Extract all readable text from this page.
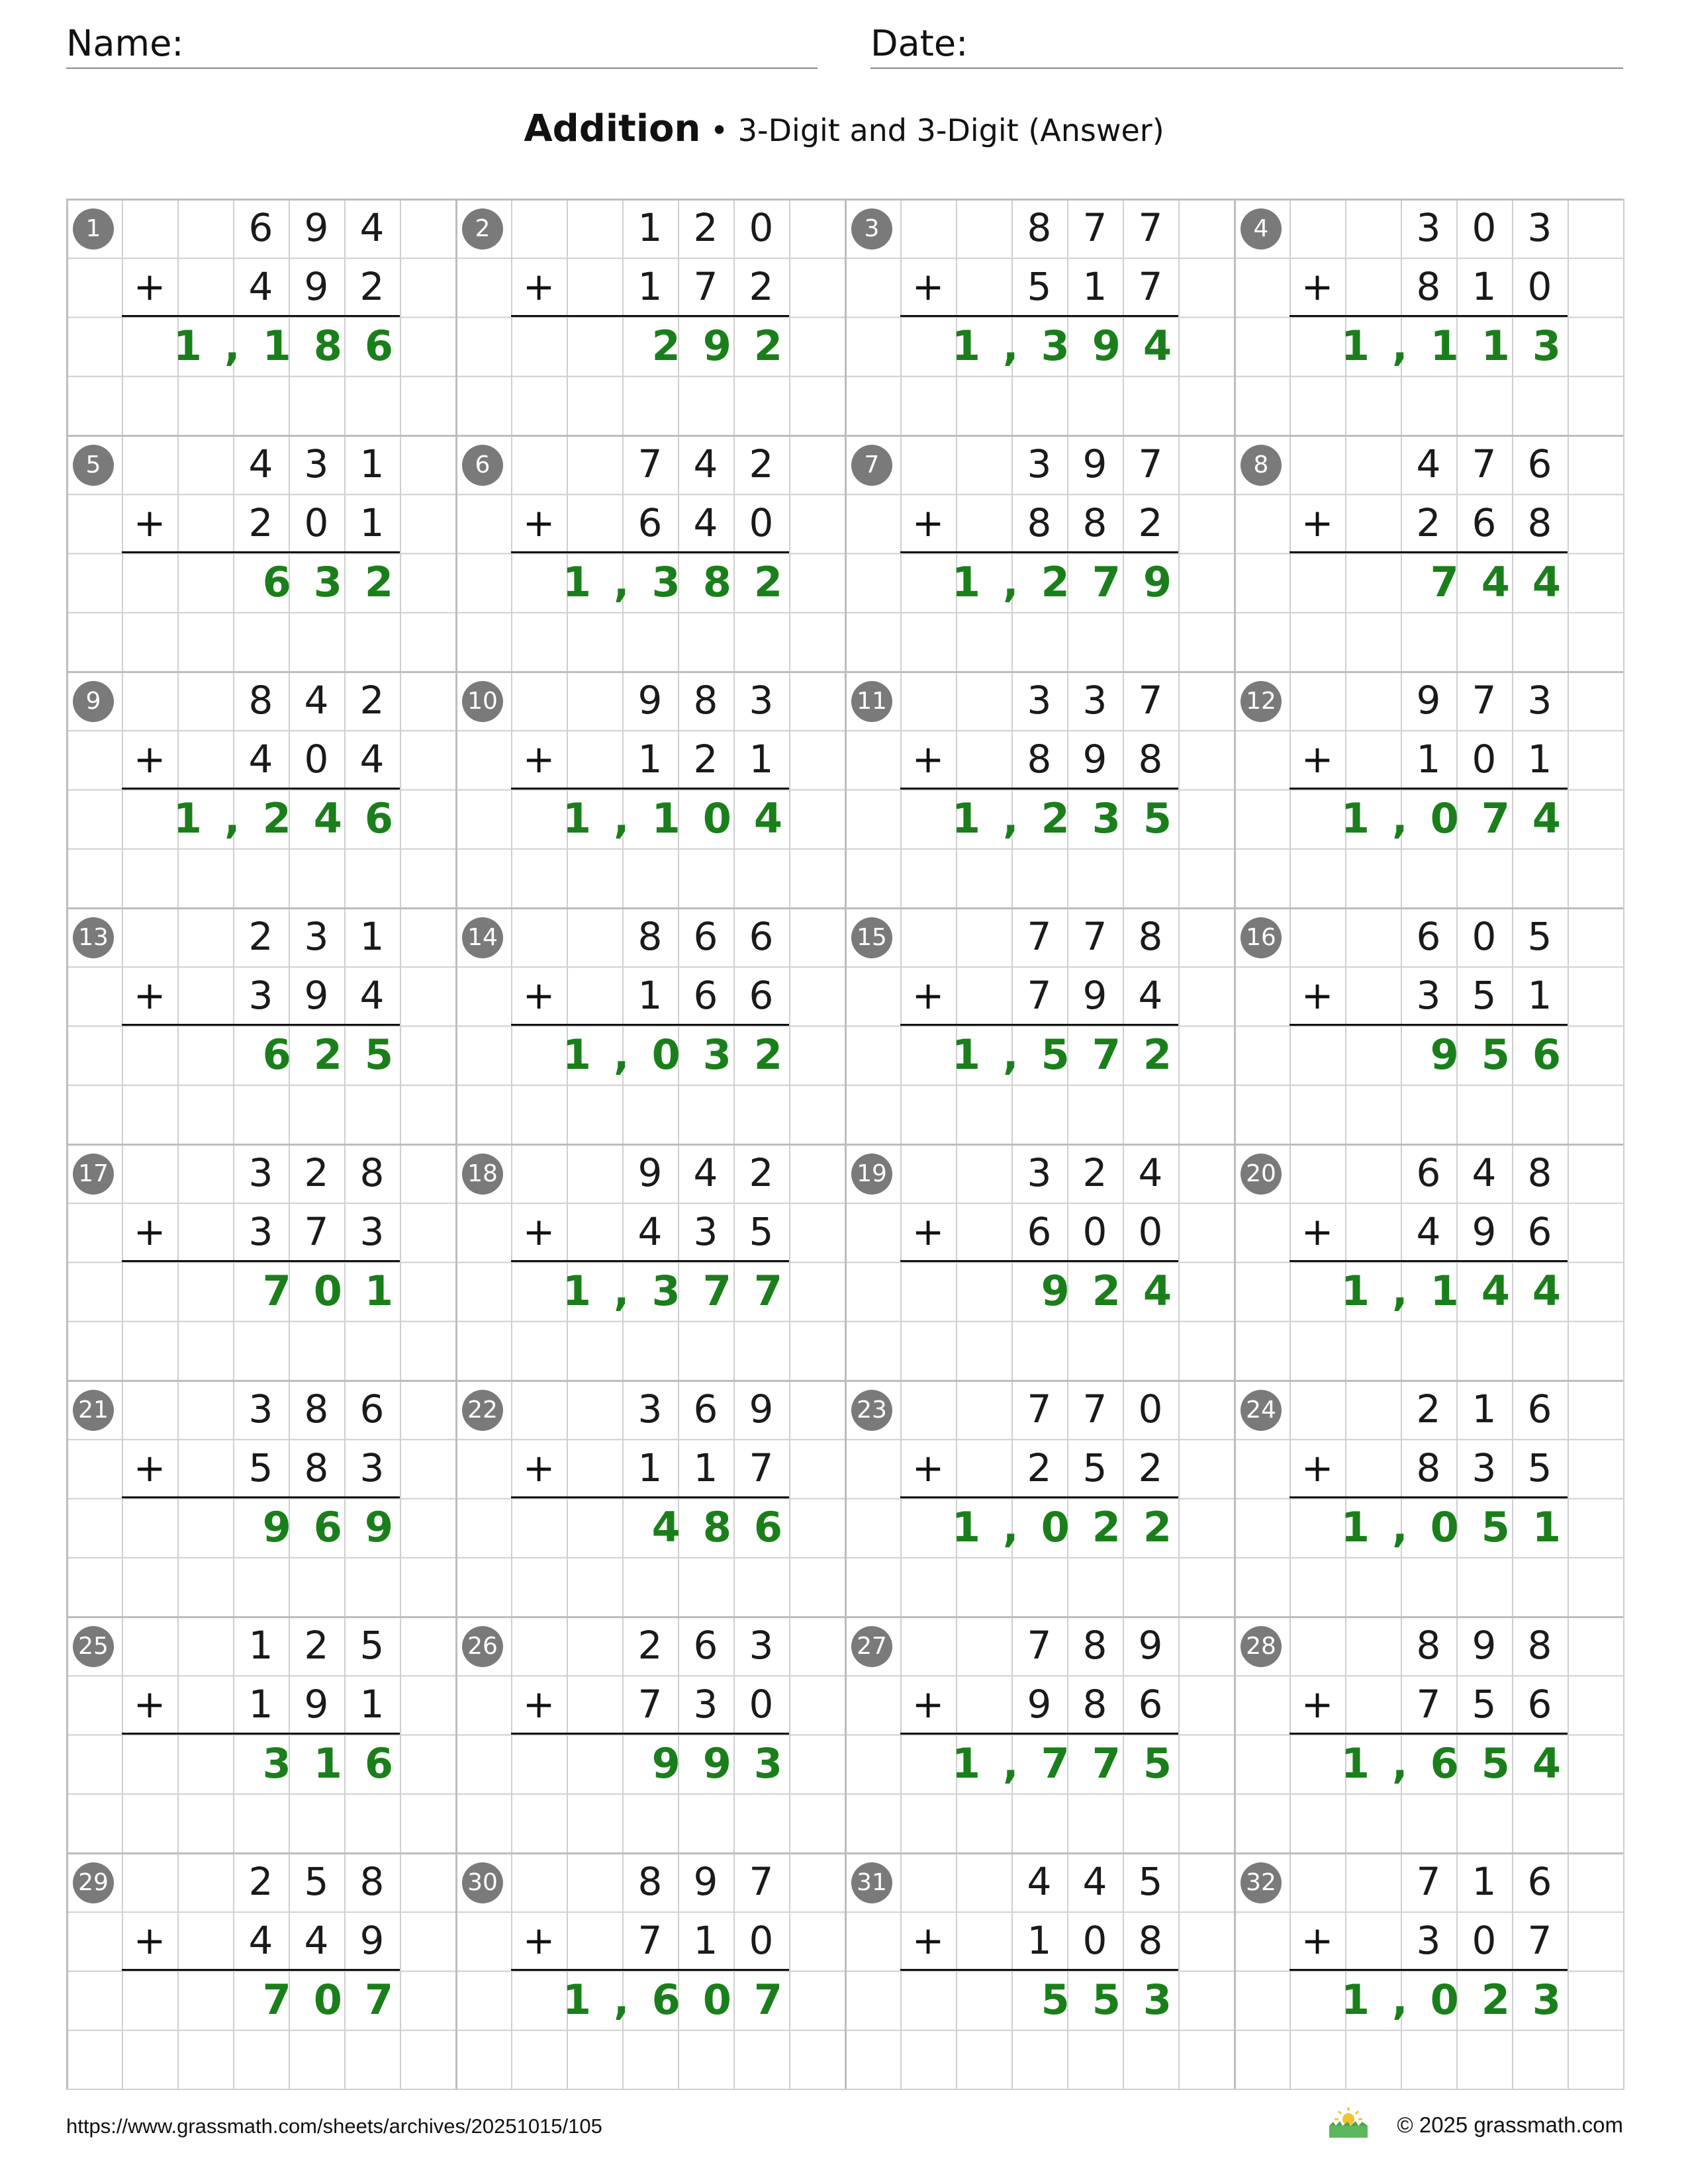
Name:	Date:
Addition • 3-Digit and 3-Digit (Answer)
1	6 9 4
4 9 2
+
1,186
2	1 2 0
1 7 2
+
292
3	8 7 7
5 1 7
+
1,394
4	3 0 3
8 1 0
+
1,113
5	4 3 1
2 0 1
+
632
6	7 4 2
6 4 0
+
1,382
7	3 9 7
8 8 2
+
1,279
8	4 7 6
2 6 8
+
744
9	8 4 2
4 0 4
+
1,246
10	9 8 3
1 2 1
+
1,104
11	3 3 7
8 9 8
+
1,235
12	9 7 3
1 0 1
+
1,074
13	2 3 1
3 9 4
+
625
14	8 6 6
1 6 6
+
1,032
15	7 7 8
7 9 4
+
1,572
16	6 0 5
3 5 1
+
956
17	3 2 8
3 7 3
+
701
18	9 4 2
4 3 5
+
1,377
19	3 2 4
6 0 0
+
924
20	6 4 8
4 9 6
+
1,144
21	3 8 6
5 8 3
+
969
22	3 6 9
1 1 7
+
486
23	7 7 0
2 5 2
+
1,022
24	2 1 6
8 3 5
+
1,051
25	1 2 5
1 9 1
+
316
26	2 6 3
7 3 0
+
993
27	7 8 9
9 8 6
+
1,775
28	8 9 8
7 5 6
+
1,654
29	2 5 8
4 4 9
+
707
30	8 9 7
7 1 0
+
1,607
31	4 4 5
1 0 8
+
553
32	7 1 6
3 0 7
+
1,023
https://www.grassmath.com/sheets/archives/20251015/105	© 2025 grassmath.com
